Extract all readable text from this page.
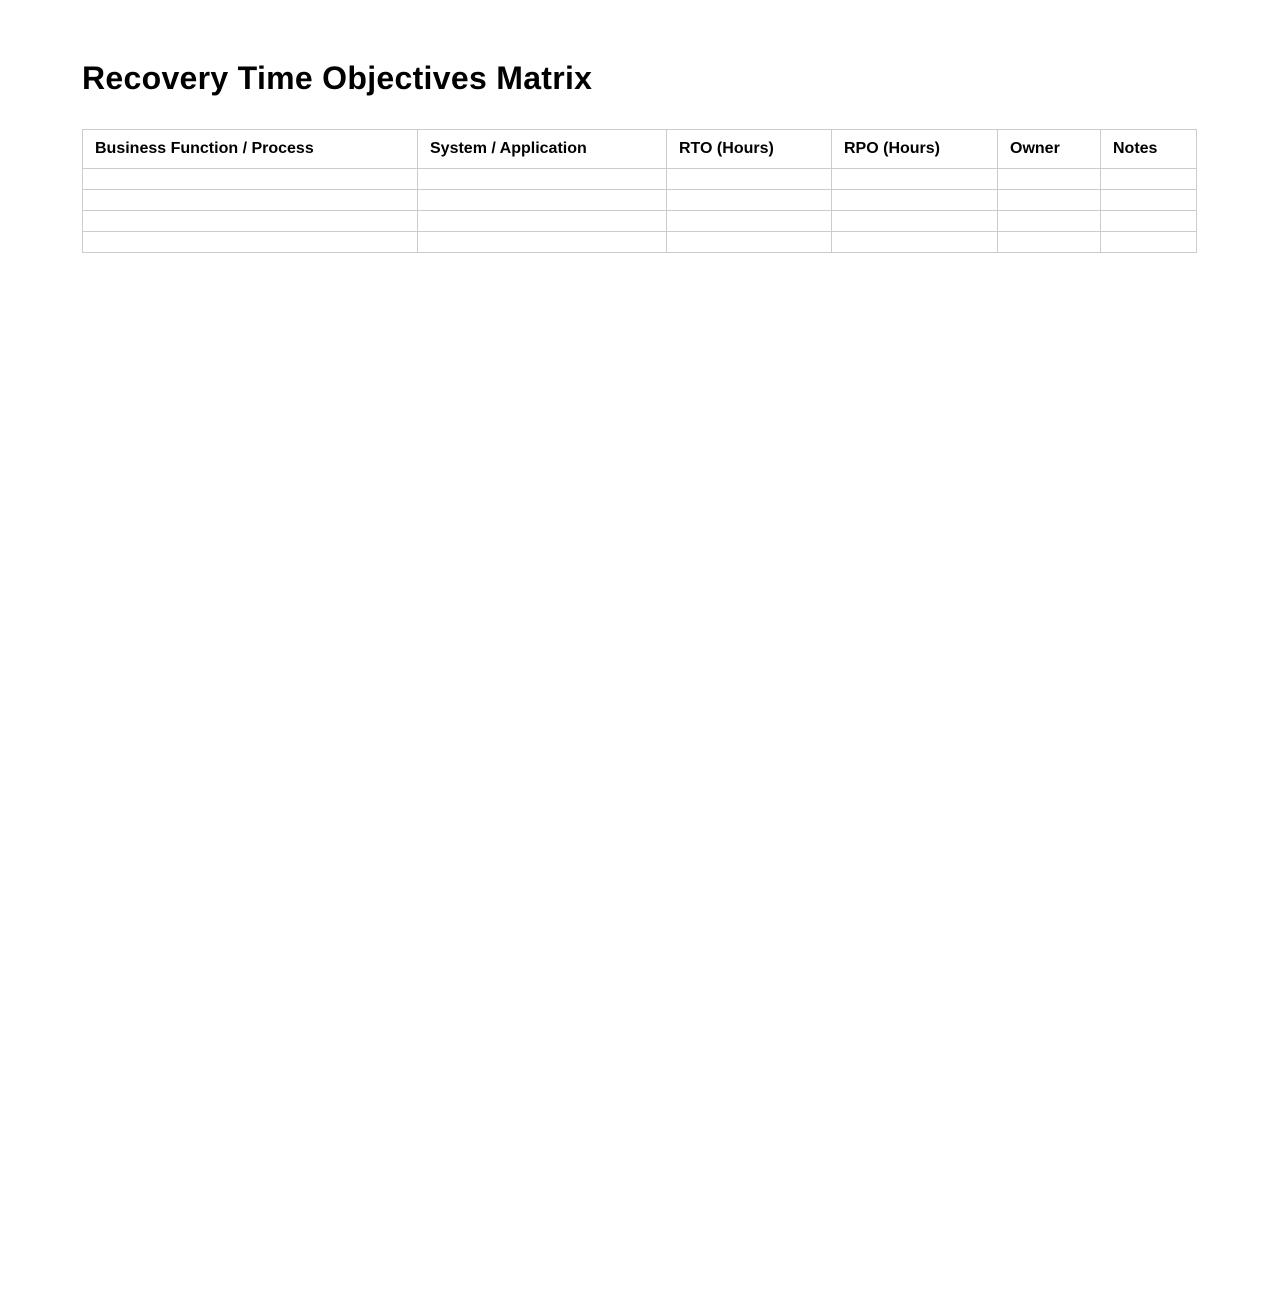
Recovery Time Objectives Matrix
Business Function / Process	System / Application	RTO (Hours)	RPO (Hours)	Owner	Notes
